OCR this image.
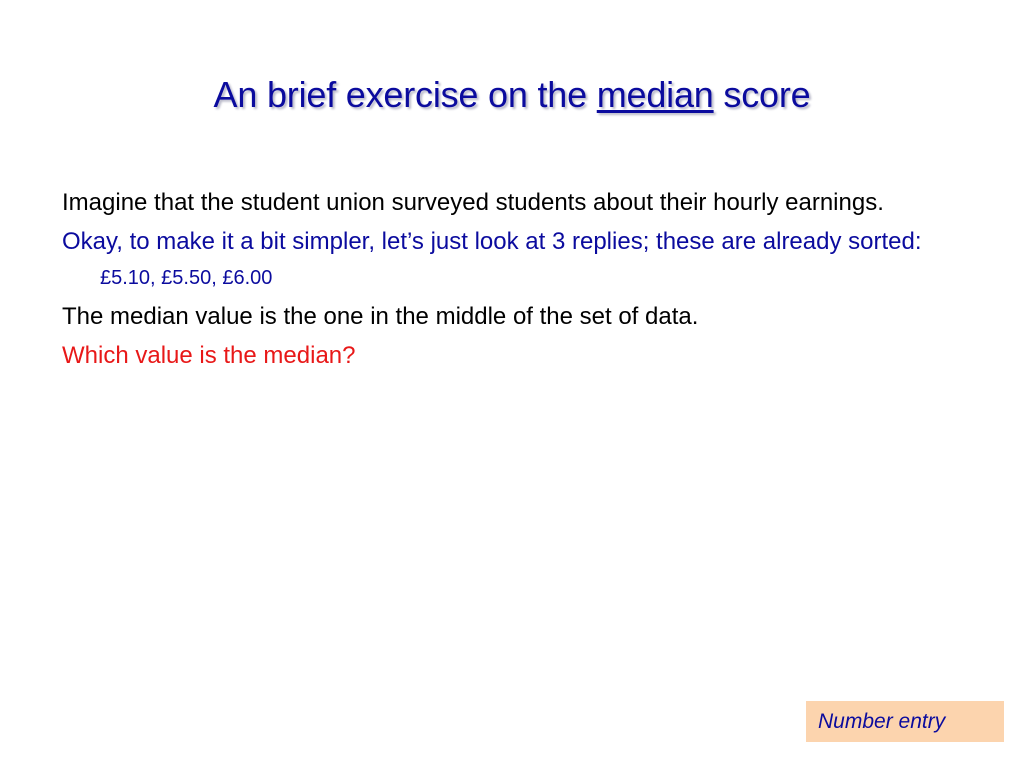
An brief exercise on the median score

Imagine that the student union surveyed students about their hourly earnings.

Okay, to make it a bit simpler, let’s just look at 3 replies; these are already sorted:

£5.10, £5.50, £6.00

The median value is the one in the middle of the set of data.

Which value is the median?

Number entry
